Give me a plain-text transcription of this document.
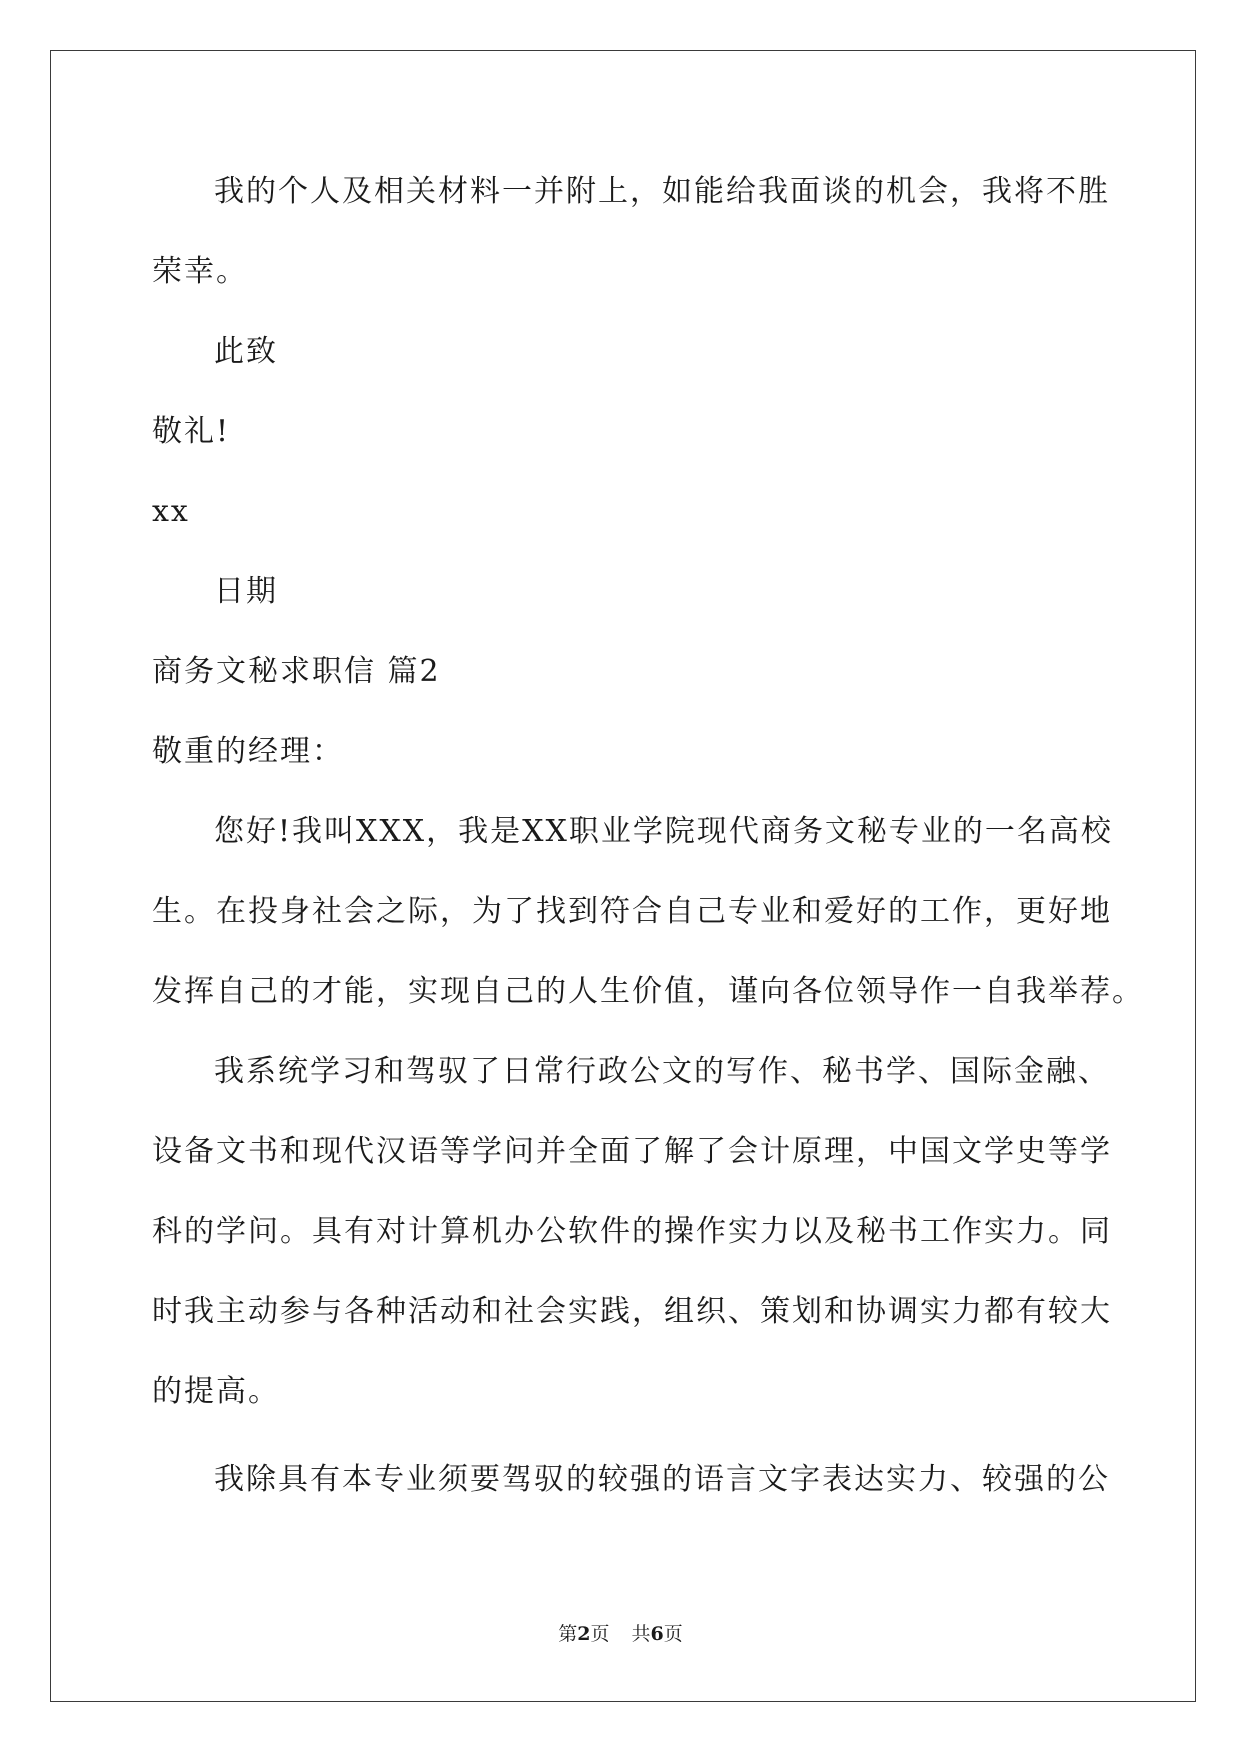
我的个人及相关材料一并附上，如能给我面谈的机会，我将不胜
荣幸。
此致
敬礼!
xx
日期
商务文秘求职信 篇2
敬重的经理：
您好!我叫XXX，我是XX职业学院现代商务文秘专业的一名高校
生。在投身社会之际，为了找到符合自己专业和爱好的工作，更好地
发挥自己的才能，实现自己的人生价值，谨向各位领导作一自我举荐。
我系统学习和驾驭了日常行政公文的写作、秘书学、国际金融、
设备文书和现代汉语等学问并全面了解了会计原理，中国文学史等学
科的学问。具有对计算机办公软件的操作实力以及秘书工作实力。同
时我主动参与各种活动和社会实践，组织、策划和协调实力都有较大
的提高。
我除具有本专业须要驾驭的较强的语言文字表达实力、较强的公
第2页 共6页
